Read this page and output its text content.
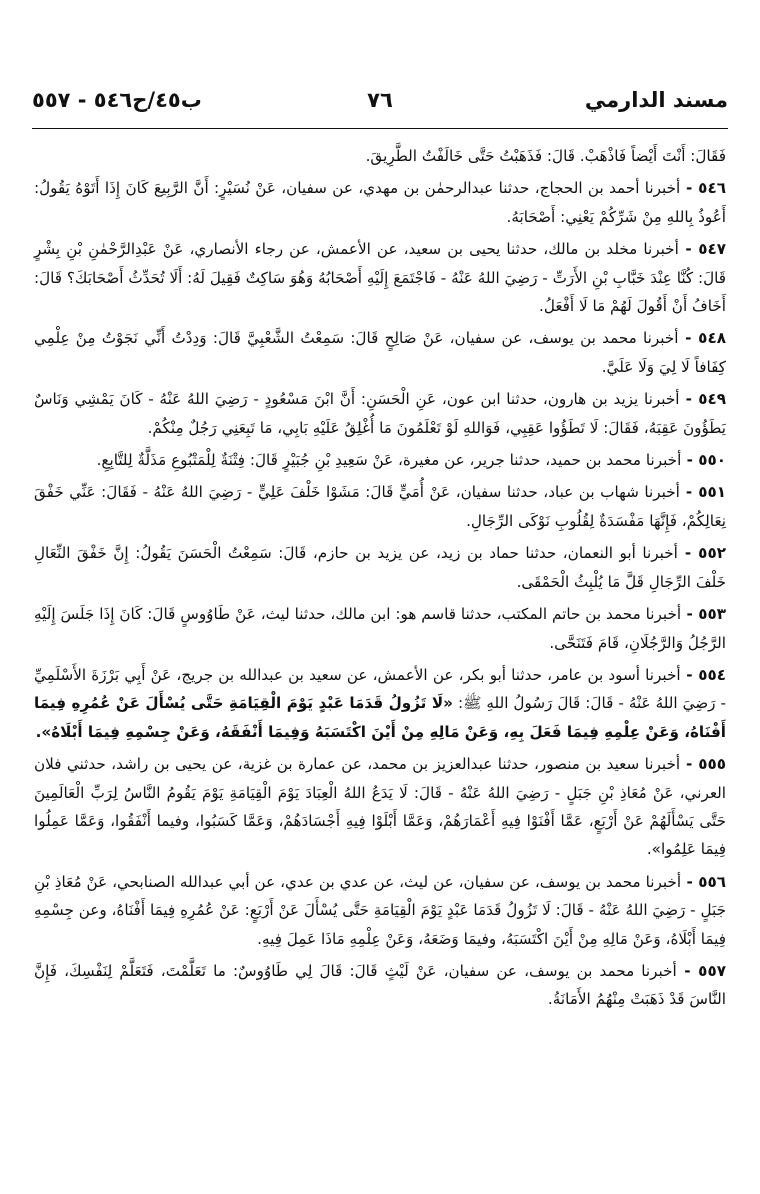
مسند الدارمي
٧٦
ب٤٥/ح٥٤٦ - ٥٥٧

فَقَالَ: أَنْتَ أَيْضاً فَاذْهَبْ. قَالَ: فَذَهَبْتُ حَتَّى خَالَفْتُ الطَّرِيقَ.

٥٤٦ - أخبرنا أحمد بن الحجاج، حدثنا عبدالرحمٰن بن مهدي، عن سفيان، عَنْ نُسَيْرٍ: أَنَّ الرَّبِيعَ كَانَ إِذَا أَتَوْهُ يَقُولُ: أَعُوذُ بِاللهِ مِنْ شَرِّكُمْ يَعْنِي: أَصْحَابَهُ.

٥٤٧ - أخبرنا مخلد بن مالك، حدثنا يحيى بن سعيد، عن الأعمش، عن رجاء الأنصاري، عَنْ عَبْدِالرَّحْمٰنِ بْنِ بِشْرٍ قَالَ: كُنَّا عِنْدَ خَبَّابِ بْنِ الأَرَتِّ - رَضِيَ اللهُ عَنْهُ - فَاجْتَمَعَ إِلَيْهِ أَصْحَابُهُ وَهُوَ سَاكِتٌ فَقِيلَ لَهُ: أَلَا تُحَدِّثُ أَصْحَابَكَ؟ قَالَ: أَخَافُ أَنْ أَقُولَ لَهُمْ مَا لَا أَفْعَلُ.

٥٤٨ - أخبرنا محمد بن يوسف، عن سفيان، عَنْ صَالِحٍ قَالَ: سَمِعْتُ الشَّعْبِيَّ قَالَ: وَدِدْتُ أَنِّي نَجَوْتُ مِنْ عِلْمِي كِفَافاً لَا لِيَ وَلَا عَلَيَّ.

٥٤٩ - أخبرنا يزيد بن هارون، حدثنا ابن عون، عَنِ الْحَسَنِ: أَنَّ ابْنَ مَسْعُودٍ - رَضِيَ اللهُ عَنْهُ - كَانَ يَمْشِي وَنَاسٌ يَطَؤُونَ عَقِبَهُ، فَقَالَ: لَا تَطَؤُوا عَقِبِي، فَوَاللهِ لَوْ تَعْلَمُونَ مَا أُغْلِقُ عَلَيْهِ بَابِي، مَا تَبِعَنِي رَجُلٌ مِنْكُمْ.

٥٥٠ - أخبرنا محمد بن حميد، حدثنا جرير، عن مغيرة، عَنْ سَعِيدِ بْنِ جُبَيْرٍ قَالَ: فِتْنَةٌ لِلْمَتْبُوعِ مَذَلَّةٌ لِلتَّابِعِ.

٥٥١ - أخبرنا شهاب بن عباد، حدثنا سفيان، عَنْ أُمَيٍّ قَالَ: مَشَوْا خَلْفَ عَلِيٍّ - رَضِيَ اللهُ عَنْهُ - فَقَالَ: عَنِّي خَفْقَ نِعَالِكُمْ، فَإِنَّهَا مَفْسَدَةٌ لِقُلُوبِ نَوْكَى الرِّجَالِ.

٥٥٢ - أخبرنا أبو النعمان، حدثنا حماد بن زيد، عن يزيد بن حازم، قَالَ: سَمِعْتُ الْحَسَنَ يَقُولُ: إِنَّ خَفْقَ النِّعَالِ خَلْفَ الرِّجَالِ قَلَّ مَا يُلْبِثُ الْحَمْقَى.

٥٥٣ - أخبرنا محمد بن حاتم المكتب، حدثنا قاسم هو: ابن مالك، حدثنا ليث، عَنْ طَاوُوسٍ قَالَ: كَانَ إِذَا جَلَسَ إِلَيْهِ الرَّجُلُ وَالرَّجُلَانِ، قَامَ فَتَنَحَّى.

٥٥٤ - أخبرنا أسود بن عامر، حدثنا أبو بكر، عن الأعمش، عن سعيد بن عبدالله بن جريج، عَنْ أَبِي بَرْزَةَ الأَسْلَمِيِّ - رَضِيَ اللهُ عَنْهُ - قَالَ: قَالَ رَسُولُ اللهِ ﷺ: «لَا تَزُولُ قَدَمَا عَبْدٍ يَوْمَ الْقِيَامَةِ حَتَّى يُسْأَلَ عَنْ عُمُرِهِ فِيمَا أَفْنَاهُ، وَعَنْ عِلْمِهِ فِيمَا فَعَلَ بِهِ، وَعَنْ مَالِهِ مِنْ أَيْنَ اكْتَسَبَهُ وَفِيمَا أَنْفَقَهُ، وَعَنْ جِسْمِهِ فِيمَا أَبْلَاهُ».

٥٥٥ - أخبرنا سعيد بن منصور، حدثنا عبدالعزيز بن محمد، عن عمارة بن غزية، عن يحيى بن راشد، حدثني فلان العرني، عَنْ مُعَاذِ بْنِ جَبَلٍ - رَضِيَ اللهُ عَنْهُ - قَالَ: لَا يَدَعُ اللهُ الْعِبَادَ يَوْمَ الْقِيَامَةِ يَوْمَ يَقُومُ النَّاسُ لِرَبِّ الْعَالَمِينَ حَتَّى يَسْأَلَهُمْ عَنْ أَرْبَعٍ، عَمَّا أَفْنَوْا فِيهِ أَعْمَارَهُمْ، وَعَمَّا أَبْلَوْا فِيهِ أَجْسَادَهُمْ، وَعَمَّا كَسَبُوا، وفيما أَنْفَقُوا، وَعَمَّا عَمِلُوا فِيمَا عَلِمُوا».

٥٥٦ - أخبرنا محمد بن يوسف، عن سفيان، عن ليث، عن عدي بن عدي، عن أبي عبدالله الصنابحي، عَنْ مُعَاذِ بْنِ جَبَلٍ - رَضِيَ اللهُ عَنْهُ - قَالَ: لَا تَزُولُ قَدَمَا عَبْدٍ يَوْمَ الْقِيَامَةِ حَتَّى يُسْأَلَ عَنْ أَرْبَعٍ: عَنْ عُمُرِهِ فِيمَا أَفْنَاهُ، وعن جِسْمِهِ فِيمَا أَبْلَاهُ، وَعَنْ مَالِهِ مِنْ أَيْنَ اكْتَسَبَهُ، وفيمَا وَضَعَهُ، وَعَنْ عِلْمِهِ مَاذَا عَمِلَ فِيهِ.

٥٥٧ - أخبرنا محمد بن يوسف، عن سفيان، عَنْ لَيْثٍ قَالَ: قَالَ لِي طَاوُوسٌ: ما تَعَلَّمْتَ، فَتَعَلَّمْ لِنَفْسِكَ، فَإِنَّ النَّاسَ قَدْ ذَهَبَتْ مِنْهُمُ الأَمَانَةُ.
